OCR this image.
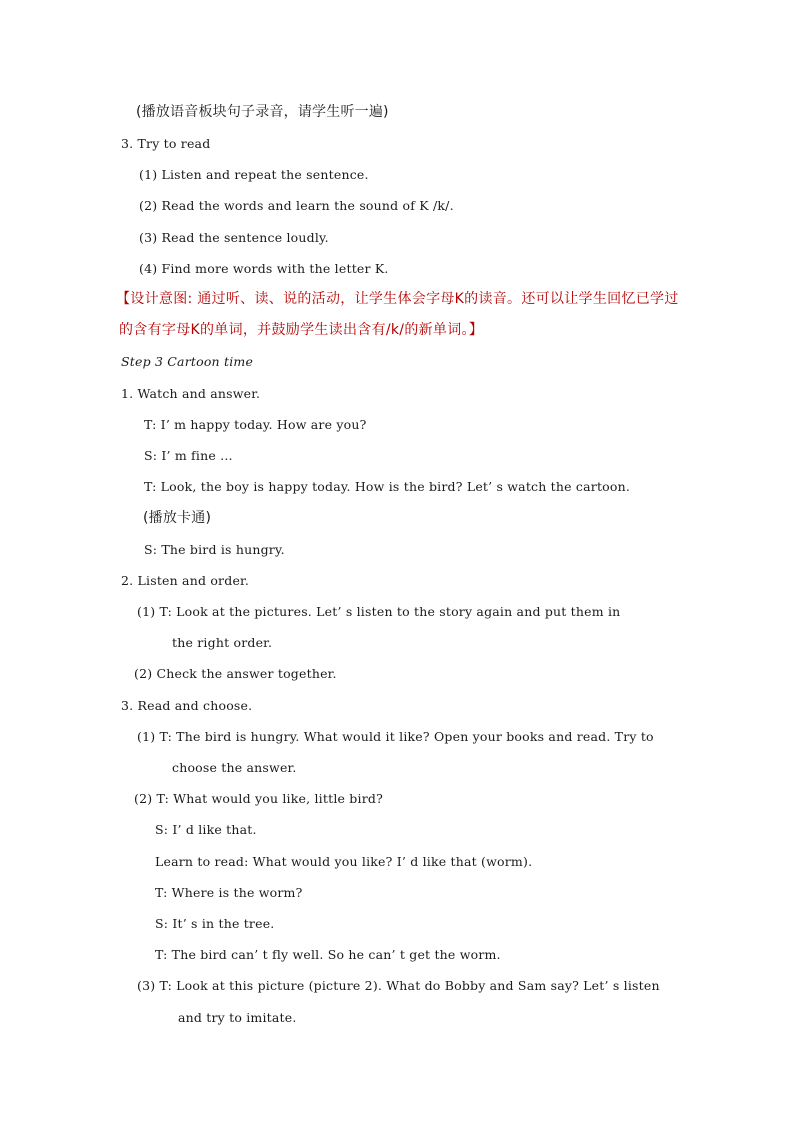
(播放语音板块句子录音，请学生听一遍)
3. Try to read
(1) Listen and repeat the sentence.
(2) Read the words and learn the sound of K /k/.
(3) Read the sentence loudly.
(4) Find more words with the letter K.
【设计意图: 通过听、读、说的活动，让学生体会字母K的读音。还可以让学生回忆已学过
的含有字母K的单词，并鼓励学生读出含有/k/的新单词。】
Step 3 Cartoon time
1. Watch and answer.
T: I’ m happy today. How are you?
S: I’ m fine …
T: Look, the boy is happy today. How is the bird? Let’ s watch the cartoon.
(播放卡通)
S: The bird is hungry.
2. Listen and order.
(1) T: Look at the pictures. Let’ s listen to the story again and put them in
the right order.
(2) Check the answer together.
3. Read and choose.
(1) T: The bird is hungry. What would it like? Open your books and read. Try to
choose the answer.
(2) T: What would you like, little bird?
S: I’ d like that.
Learn to read: What would you like? I’ d like that (worm).
T: Where is the worm?
S: It’ s in the tree.
T: The bird can’ t fly well. So he can’ t get the worm.
(3) T: Look at this picture (picture 2). What do Bobby and Sam say? Let’ s listen
and try to imitate.
